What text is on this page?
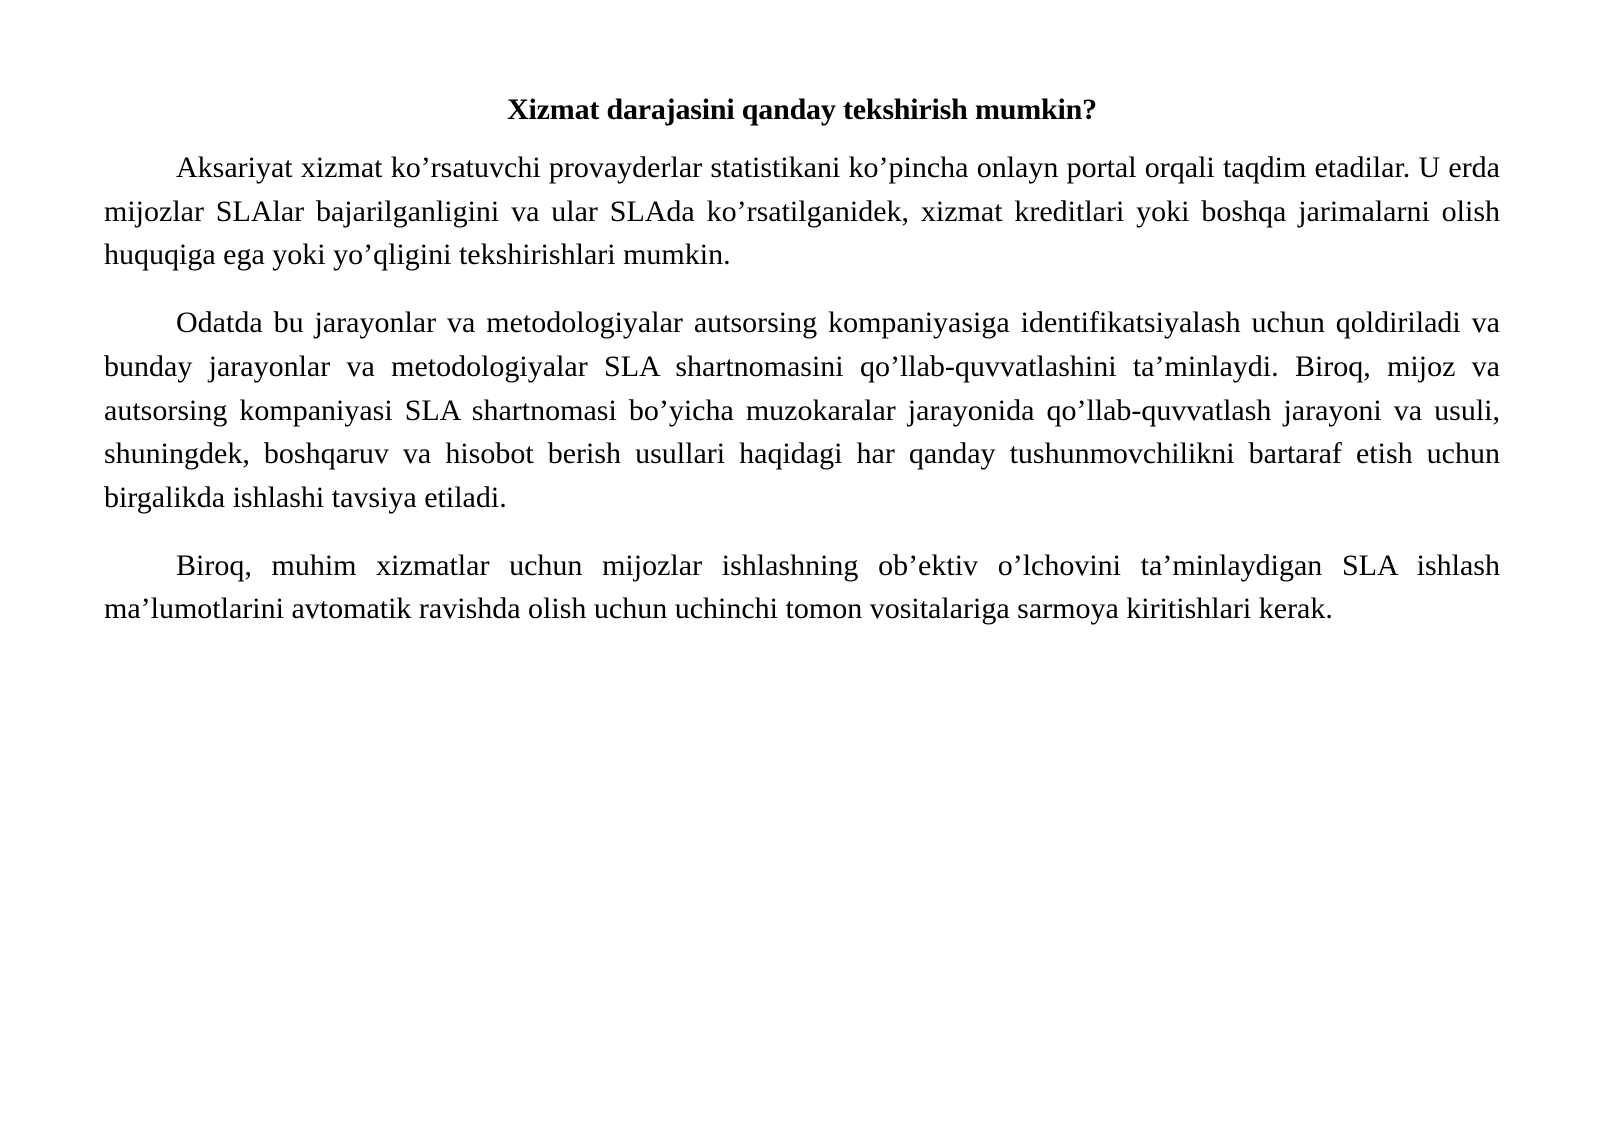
Xizmat darajasini qanday tekshirish mumkin?

Aksariyat xizmat ko’rsatuvchi provayderlar statistikani ko’pincha onlayn portal orqali taqdim etadilar. U erda mijozlar SLAlar bajarilganligini va ular SLAda ko’rsatilganidek, xizmat kreditlari yoki boshqa jarimalarni olish huquqiga ega yoki yo’qligini tekshirishlari mumkin.

Odatda bu jarayonlar va metodologiyalar autsorsing kompaniyasiga identifikatsiyalash uchun qoldiriladi va bunday jarayonlar va metodologiyalar SLA shartnomasini qo’llab-quvvatlashini ta’minlaydi. Biroq, mijoz va autsorsing kompaniyasi SLA shartnomasi bo’yicha muzokaralar jarayonida qo’llab-quvvatlash jarayoni va usuli, shuningdek, boshqaruv va hisobot berish usullari haqidagi har qanday tushunmovchilikni bartaraf etish uchun birgalikda ishlashi tavsiya etiladi.

Biroq, muhim xizmatlar uchun mijozlar ishlashning ob’ektiv o’lchovini ta’minlaydigan SLA ishlash ma’lumotlarini avtomatik ravishda olish uchun uchinchi tomon vositalariga sarmoya kiritishlari kerak.
